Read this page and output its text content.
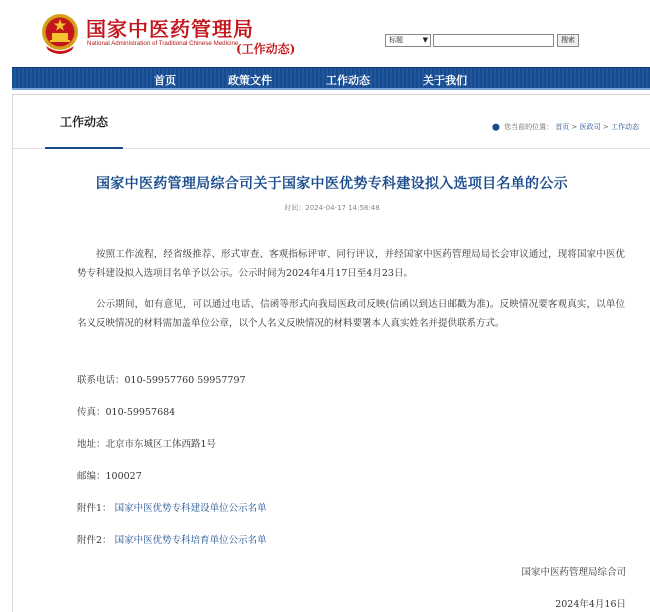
国家中医药管理局
National Administration of Traditional Chinese Medicine
(工作动态)
标题	▼	搜索
首页	政策文件	工作动态	关于我们
工作动态	⬤ 您当前的位置： 首页 > 医政司 > 工作动态
国家中医药管理局综合司关于国家中医优势专科建设拟入选项目名单的公示
时间：2024-04-17 14:58:48
按照工作流程，经省级推荐、形式审查、客观指标评审、同行评议，并经国家中医药管理局局长会审议通过，现将国家中医优势专科建设拟入选项目名单予以公示。公示时间为2024年4月17日至4月23日。
公示期间，如有意见，可以通过电话、信函等形式向我局医政司反映(信函以到达日邮戳为准)。反映情况要客观真实，以单位名义反映情况的材料需加盖单位公章，以个人名义反映情况的材料要署本人真实姓名并提供联系方式。
联系电话：010-59957760 59957797
传真：010-59957684
地址：北京市东城区工体西路1号
邮编：100027
附件1： 国家中医优势专科建设单位公示名单
附件2： 国家中医优势专科培育单位公示名单
国家中医药管理局综合司
2024年4月16日
